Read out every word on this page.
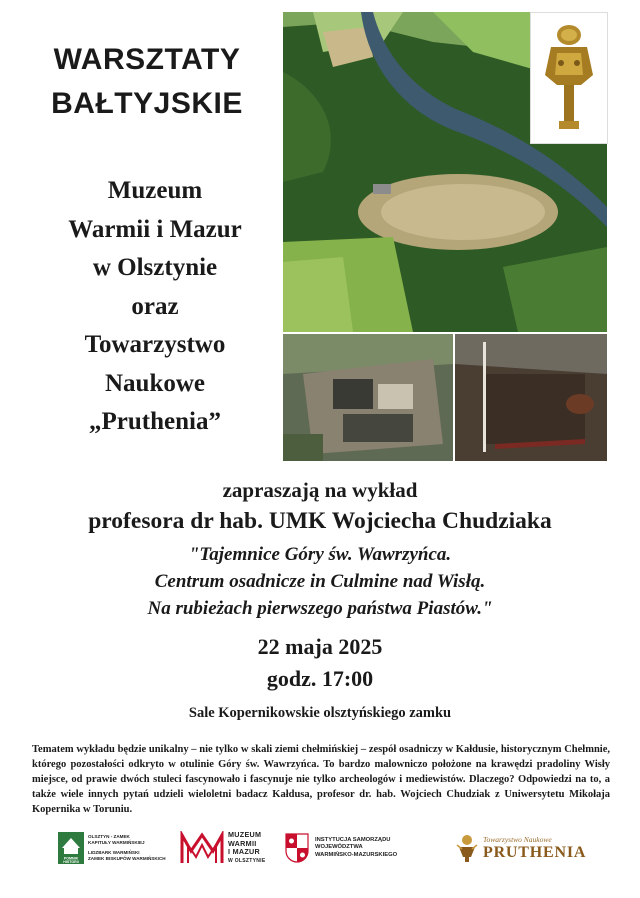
WARSZTATY
BAŁTYJSKIE
Muzeum
Warmii i Mazur
w Olsztynie
oraz
Towarzystwo
Naukowe
„Pruthenia”
zapraszają na wykład
profesora dr hab. UMK Wojciecha Chudziaka
"Tajemnice Góry św. Wawrzyńca.
Centrum osadnicze in Culmine nad Wisłą.
Na rubieżach pierwszego państwa Piastów."
22 maja 2025
godz. 17:00
Sale Kopernikowskie olsztyńskiego zamku
Tematem wykładu będzie unikalny – nie tylko w skali ziemi chełmińskiej – zespół osadniczy w Kałdusie, historycznym Chełmnie, którego pozostałości odkryto w otulinie Góry św. Wawrzyńca. To bardzo malowniczo położone na krawędzi pradoliny Wisły miejsce, od prawie dwóch stuleci fascynowało i fascynuje nie tylko archeologów i mediewistów. Dlaczego? Odpowiedzi na to, a także wiele innych pytań udzieli wieloletni badacz Kałdusa, profesor dr. hab. Wojciech Chudziak z Uniwersytetu Mikołaja Kopernika w Toruniu.
POMNIK
HISTORII
OLSZTYN - ZAMEK
KAPITUŁY WARMIŃSKIEJ
LIDZBARK WARMIŃSKI
ZAMEK BISKUPÓW WARMIŃSKICH
MUZEUM
WARMII
I MAZUR
W OLSZTYNIE
INSTYTUCJA SAMORZĄDU
WOJEWÓDZTWA
WARMIŃSKO-MAZURSKIEGO
Towarzystwo Naukowe
PRUTHENIA
